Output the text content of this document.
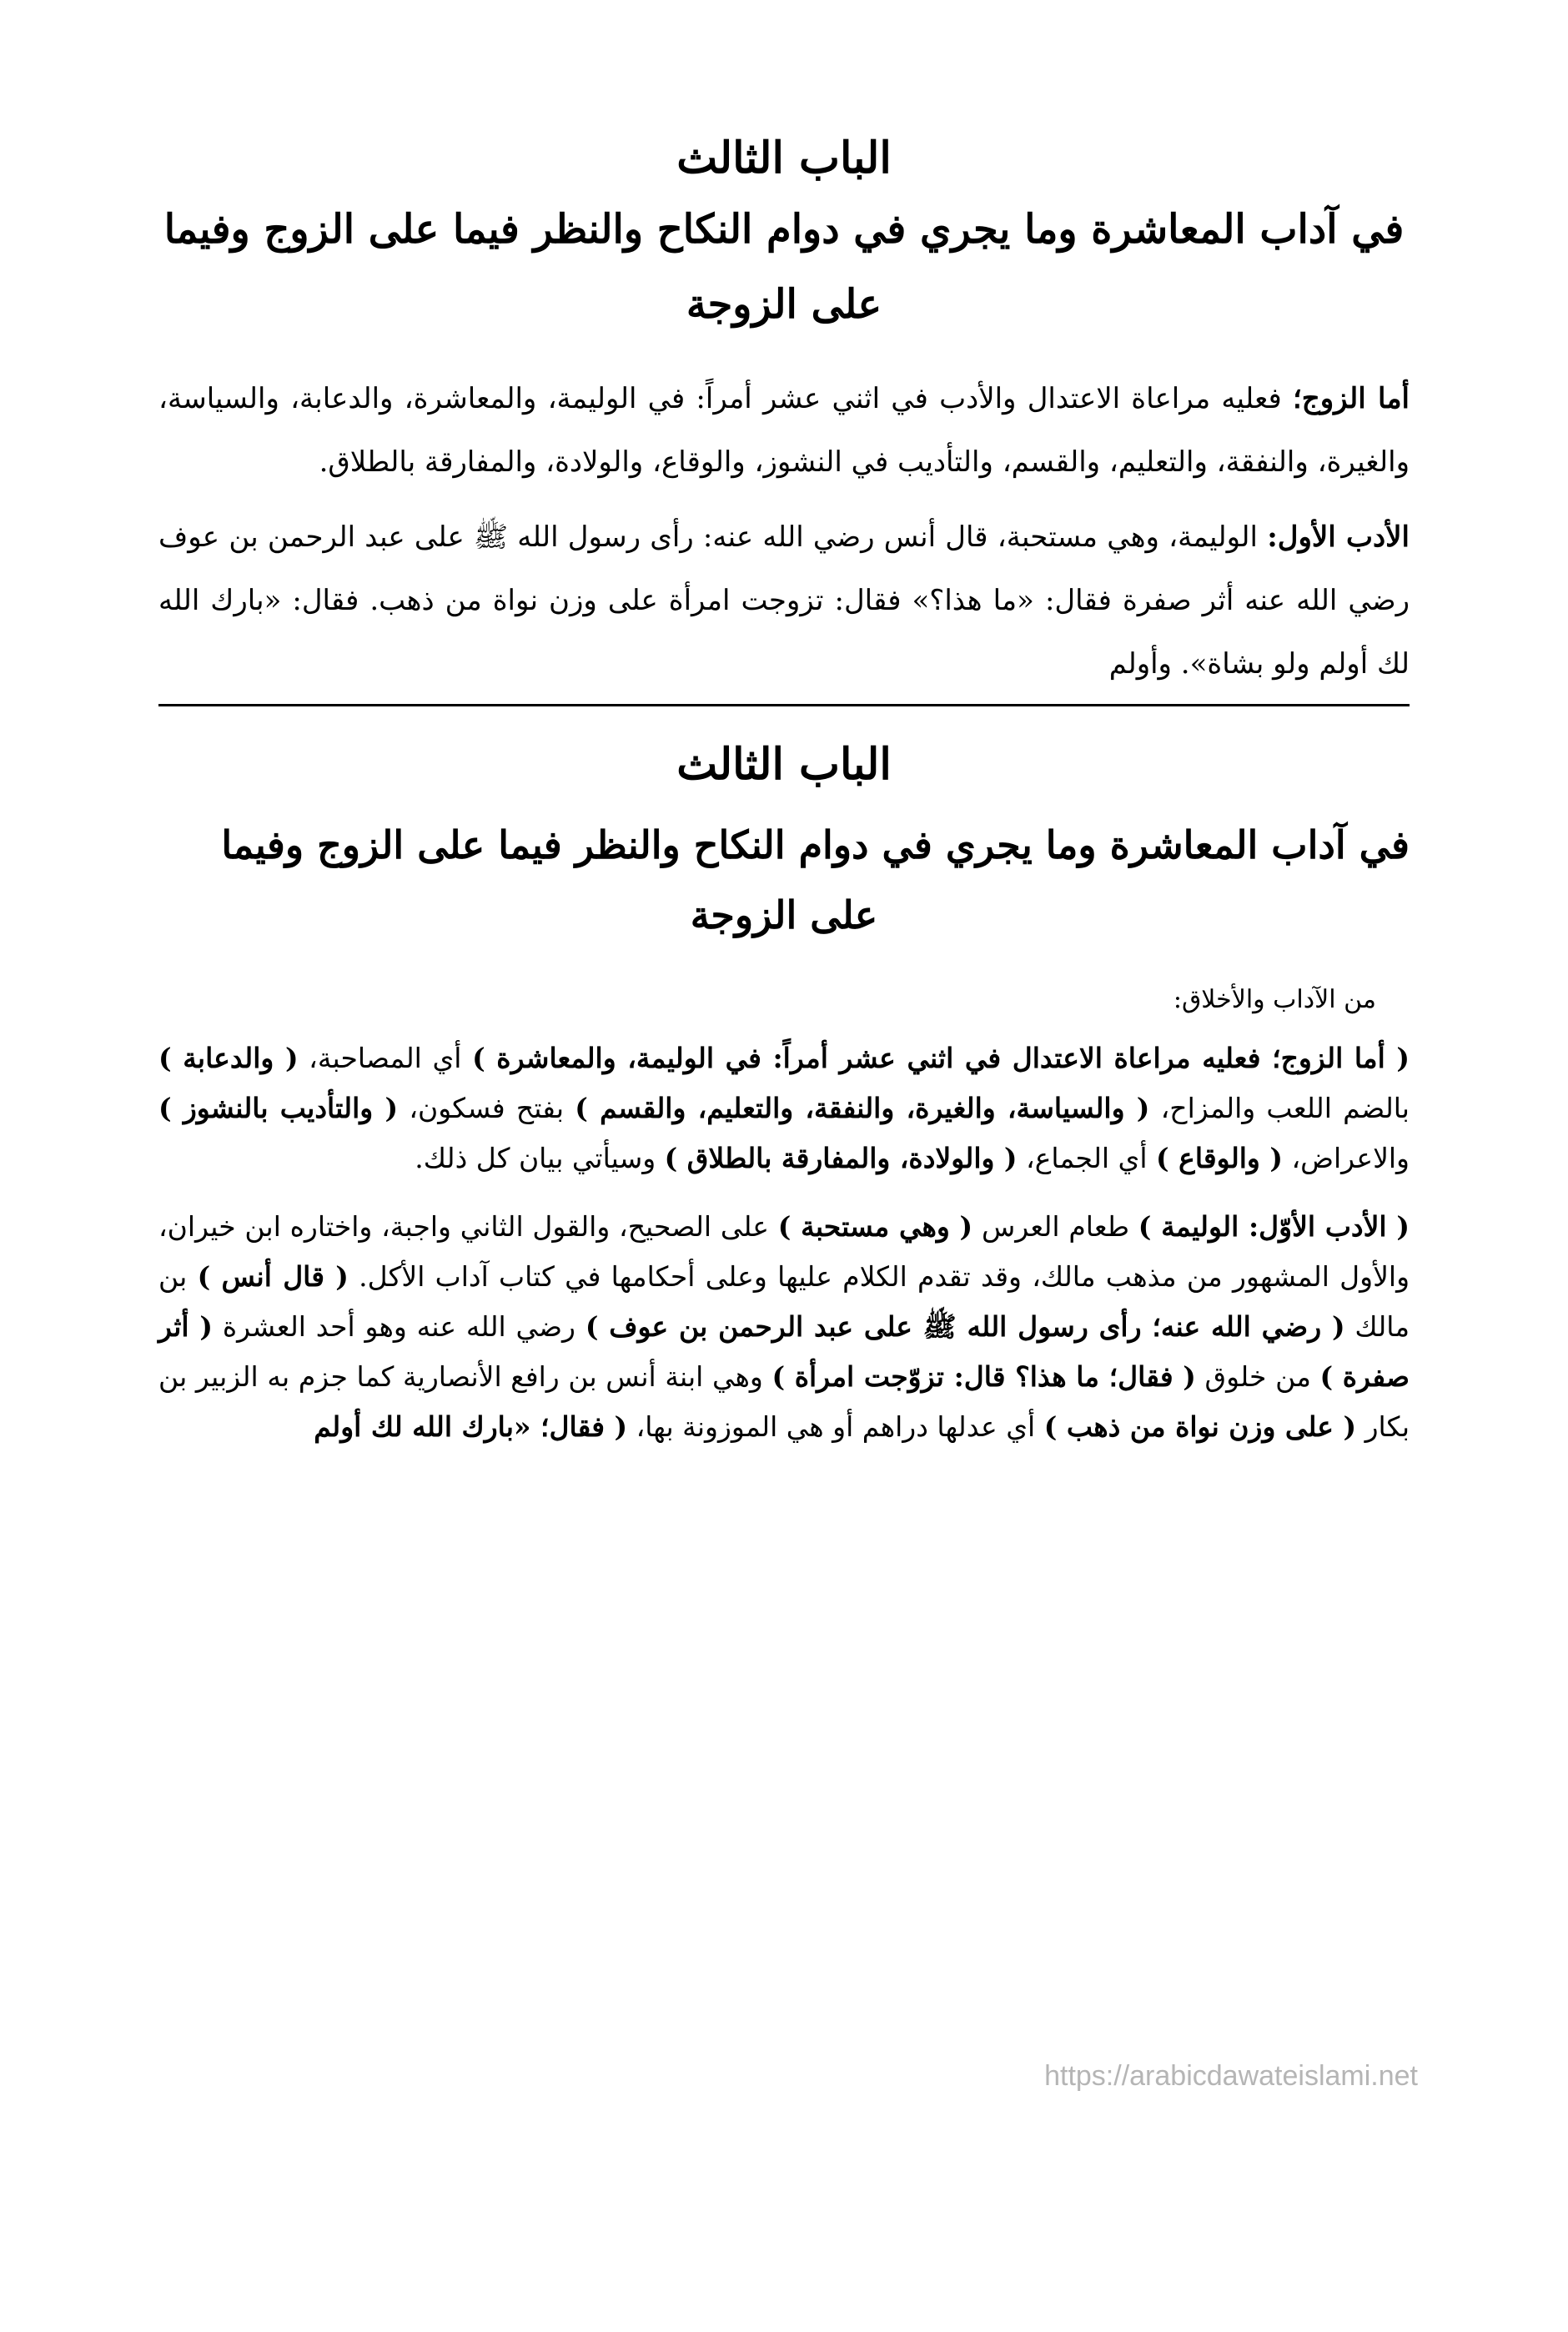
الباب الثالث
في آداب المعاشرة وما يجري في دوام النكاح والنظر فيما على الزوج وفيما على الزوجة

أما الزوج؛ فعليه مراعاة الاعتدال والأدب في اثني عشر أمراً: في الوليمة، والمعاشرة، والدعابة، والسياسة، والغيرة، والنفقة، والتعليم، والقسم، والتأديب في النشوز، والوقاع، والولادة، والمفارقة بالطلاق.

الأدب الأول: الوليمة، وهي مستحبة، قال أنس رضي الله عنه: رأى رسول الله ﷺ على عبد الرحمن بن عوف رضي الله عنه أثر صفرة فقال: «ما هذا؟» فقال: تزوجت امرأة على وزن نواة من ذهب. فقال: «بارك الله لك أولم ولو بشاة». وأولم

الباب الثالث
في آداب المعاشرة وما يجري في دوام النكاح والنظر فيما على الزوج وفيما على الزوجة

من الآداب والأخلاق:

( أما الزوج؛ فعليه مراعاة الاعتدال في اثني عشر أمراً: في الوليمة، والمعاشرة ) أي المصاحبة، ( والدعابة ) بالضم اللعب والمزاح، ( والسياسة، والغيرة، والنفقة، والتعليم، والقسم ) بفتح فسكون، ( والتأديب بالنشوز ) والاعراض، ( والوقاع ) أي الجماع، ( والولادة، والمفارقة بالطلاق ) وسيأتي بيان كل ذلك.

( الأدب الأوّل: الوليمة ) طعام العرس ( وهي مستحبة ) على الصحيح، والقول الثاني واجبة، واختاره ابن خيران، والأول المشهور من مذهب مالك، وقد تقدم الكلام عليها وعلى أحكامها في كتاب آداب الأكل. ( قال أنس ) بن مالك ( رضي الله عنه؛ رأى رسول الله ﷺ على عبد الرحمن بن عوف ) رضي الله عنه وهو أحد العشرة ( أثر صفرة ) من خلوق ( فقال؛ ما هذا؟ قال: تزوّجت امرأة ) وهي ابنة أنس بن رافع الأنصارية كما جزم به الزبير بن بكار ( على وزن نواة من ذهب ) أي عدلها دراهم أو هي الموزونة بها، ( فقال؛ «بارك الله لك أولم

https://arabicdawateislami.net
